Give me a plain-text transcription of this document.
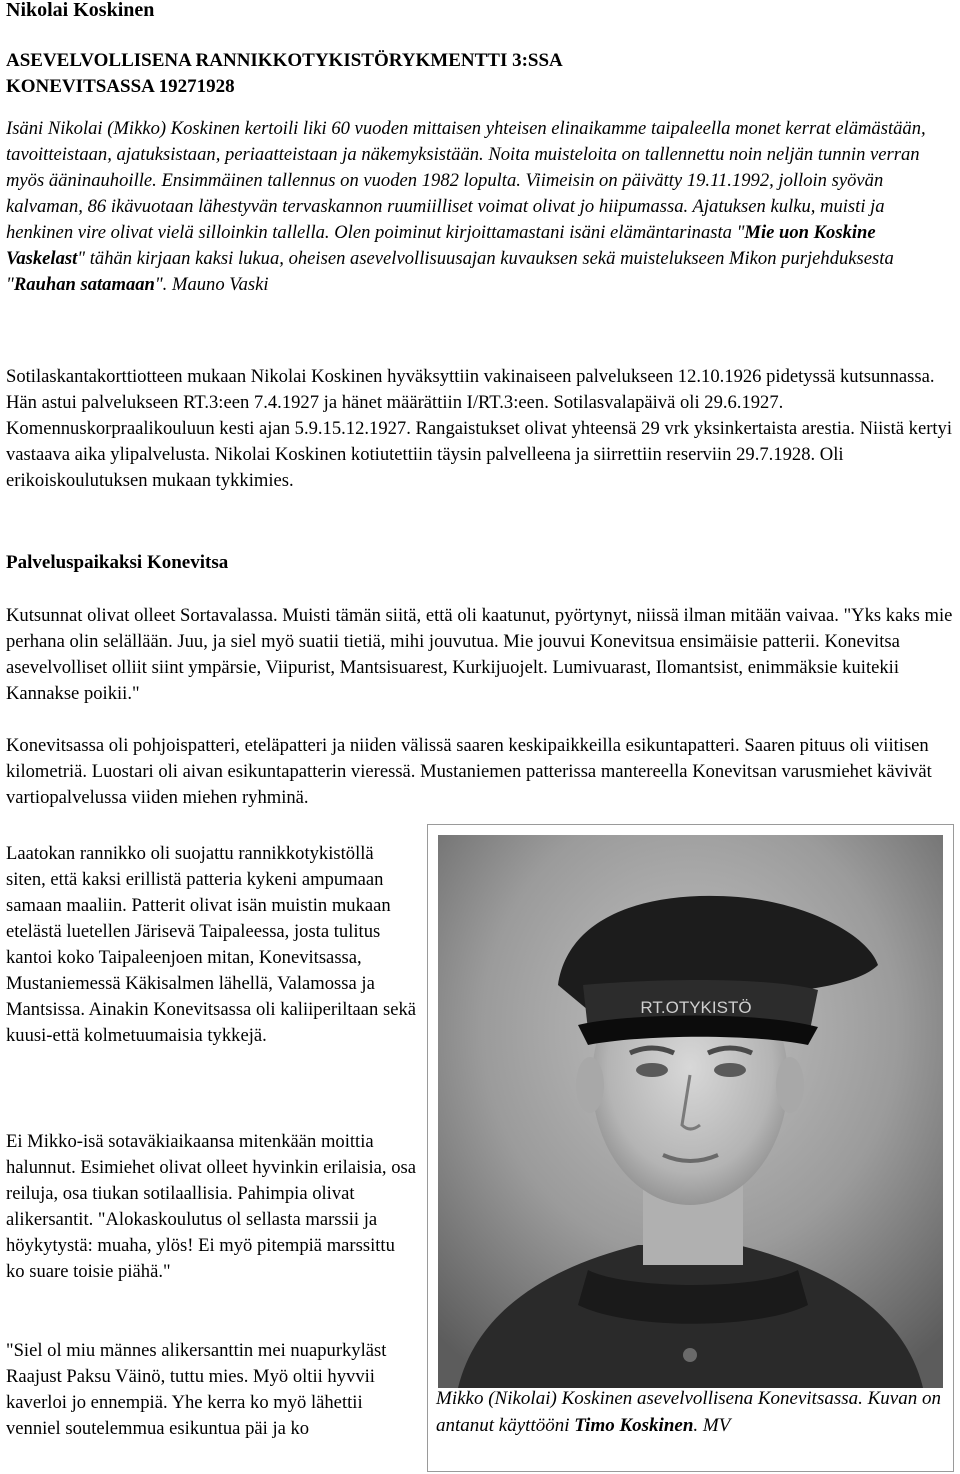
Nikolai Koskinen
ASEVELVOLLISENA RANNIKKOTYKISTÖRYKMENTTI 3:SSA
KONEVITSASSA 19271928

Isäni Nikolai (Mikko) Koskinen kertoili liki 60 vuoden mittaisen yhteisen elinaikamme taipaleella monet kerrat elämästään, tavoitteistaan, ajatuksistaan, periaatteistaan ja näkemyksistään. Noita muisteloita on tallennettu noin neljän tunnin verran myös ääninauhoille. Ensimmäinen tallennus on vuoden 1982 lopulta. Viimeisin on päivätty 19.11.1992, jolloin syövän kalvaman, 86 ikävuotaan lähestyvän tervaskannon ruumiilliset voimat olivat jo hiipumassa. Ajatuksen kulku, muisti ja henkinen vire olivat vielä silloinkin tallella. Olen poiminut kirjoittamastani isäni elämäntarinasta "Mie uon Koskine Vaskelast" tähän kirjaan kaksi lukua, oheisen asevelvollisuusajan kuvauksen sekä muistelukseen Mikon purjehduksesta "Rauhan satamaan". Mauno Vaski

Sotilaskantakorttiotteen mukaan Nikolai Koskinen hyväksyttiin vakinaiseen palvelukseen 12.10.1926 pidetyssä kutsunnassa. Hän astui palvelukseen RT.3:een 7.4.1927 ja hänet määrättiin I/RT.3:een. Sotilasvalapäivä oli 29.6.1927. Komennuskorpraalikouluun kesti ajan 5.9.15.12.1927. Rangaistukset olivat yhteensä 29 vrk yksinkertaista arestia. Niistä kertyi vastaava aika ylipalvelusta. Nikolai Koskinen kotiutettiin täysin palvelleena ja siirrettiin reserviin 29.7.1928. Oli erikoiskoulutuksen mukaan tykkimies.

Palveluspaikaksi Konevitsa

Kutsunnat olivat olleet Sortavalassa. Muisti tämän siitä, että oli kaatunut, pyörtynyt, niissä ilman mitään vaivaa. "Yks kaks mie perhana olin selällään. Juu, ja siel myö suatii tietiä, mihi jouvutua. Mie jouvui Konevitsua ensimäisie patterii. Konevitsa asevelvolliset olliit siint ympärsie, Viipurist, Mantsisuarest, Kurkijuojelt. Lumivuarast, Ilomantsist, enimmäksie kuitekii Kannakse poikii."

Konevitsassa oli pohjoispatteri, eteläpatteri ja niiden välissä saaren keskipaikkeilla esikuntapatteri. Saaren pituus oli viitisen kilometriä. Luostari oli aivan esikuntapatterin vieressä. Mustaniemen patterissa mantereella Konevitsan varusmiehet kävivät vartiopalvelussa viiden miehen ryhminä.

Laatokan rannikko oli suojattu rannikkotykistöllä siten, että kaksi erillistä patteria kykeni ampumaan samaan maaliin. Patterit olivat isän muistin mukaan etelästä luetellen Järisevä Taipaleessa, josta tulitus kantoi koko Taipaleenjoen mitan, Konevitsassa, Mustaniemessä Käkisalmen lähellä, Valamossa ja Mantsissa. Ainakin Konevitsassa oli kaliiperiltaan sekä kuusi-että kolmetuumaisia tykkejä.

Ei Mikko-isä sotaväkiaikaansa mitenkään moittia halunnut. Esimiehet olivat olleet hyvinkin erilaisia, osa reiluja, osa tiukan sotilaallisia. Pahimpia olivat alikersantit. "Alokaskoulutus ol sellasta marssii ja höykytystä: muaha, ylös! Ei myö pitempiä marssittu ko suare toisie piähä."

"Siel ol miu männes alikersanttin mei nuapurkyläst Raajust Paksu Väinö, tuttu mies. Myö oltii hyvvii kaverloi jo ennempiä. Yhe kerra ko myö lähettii venniel soutelemmua esikuntua päi ja ko

RT.OTYKISTÖ

Mikko (Nikolai) Koskinen asevelvollisena Konevitsassa. Kuvan on antanut käyttööni Timo Koskinen. MV
